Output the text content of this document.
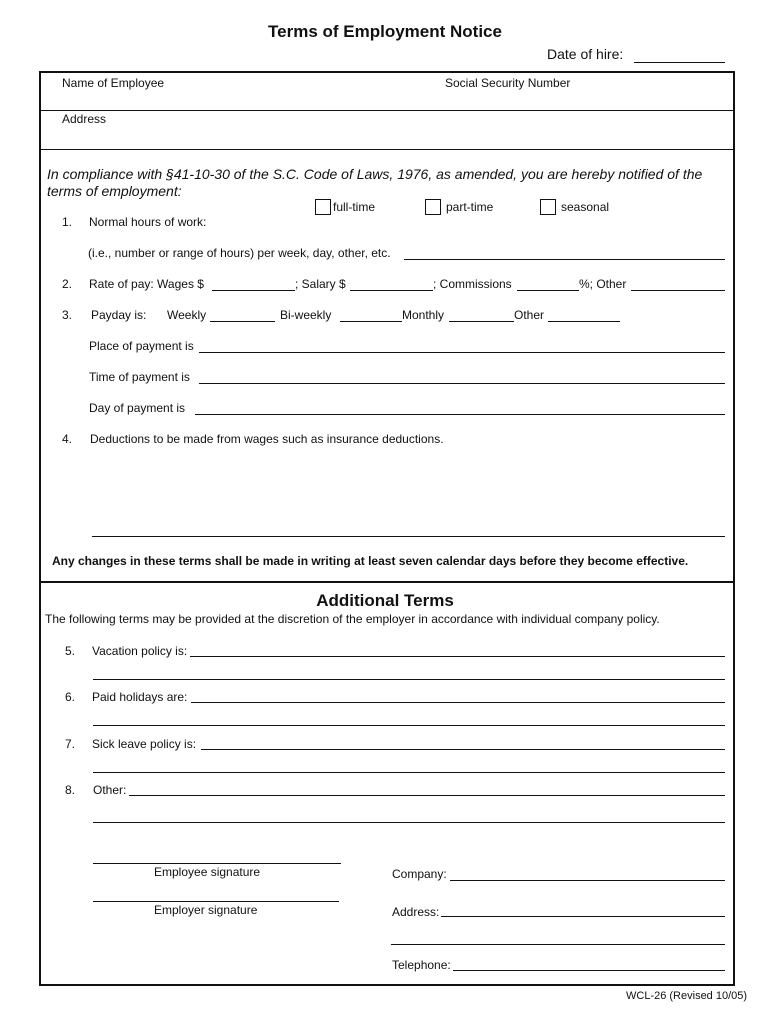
Terms of Employment Notice
Date of hire:
Name of Employee	Social Security Number
Address
In compliance with §41-10-30 of the S.C. Code of Laws, 1976, as amended, you are hereby notified of the
terms of employment:
full-time	part-time	seasonal
1. Normal hours of work:
(i.e., number or range of hours) per week, day, other, etc.
2. Rate of pay: Wages $	; Salary $	; Commissions	%; Other
3. Payday is: Weekly	Bi-weekly	Monthly	Other
Place of payment is
Time of payment is
Day of payment is
4. Deductions to be made from wages such as insurance deductions.
Any changes in these terms shall be made in writing at least seven calendar days before they become effective.
Additional Terms
The following terms may be provided at the discretion of the employer in accordance with individual company policy.
5. Vacation policy is:
6. Paid holidays are:
7. Sick leave policy is:
8. Other:
Employee signature
Employer signature
Company:
Address:
Telephone:
WCL-26 (Revised 10/05)
